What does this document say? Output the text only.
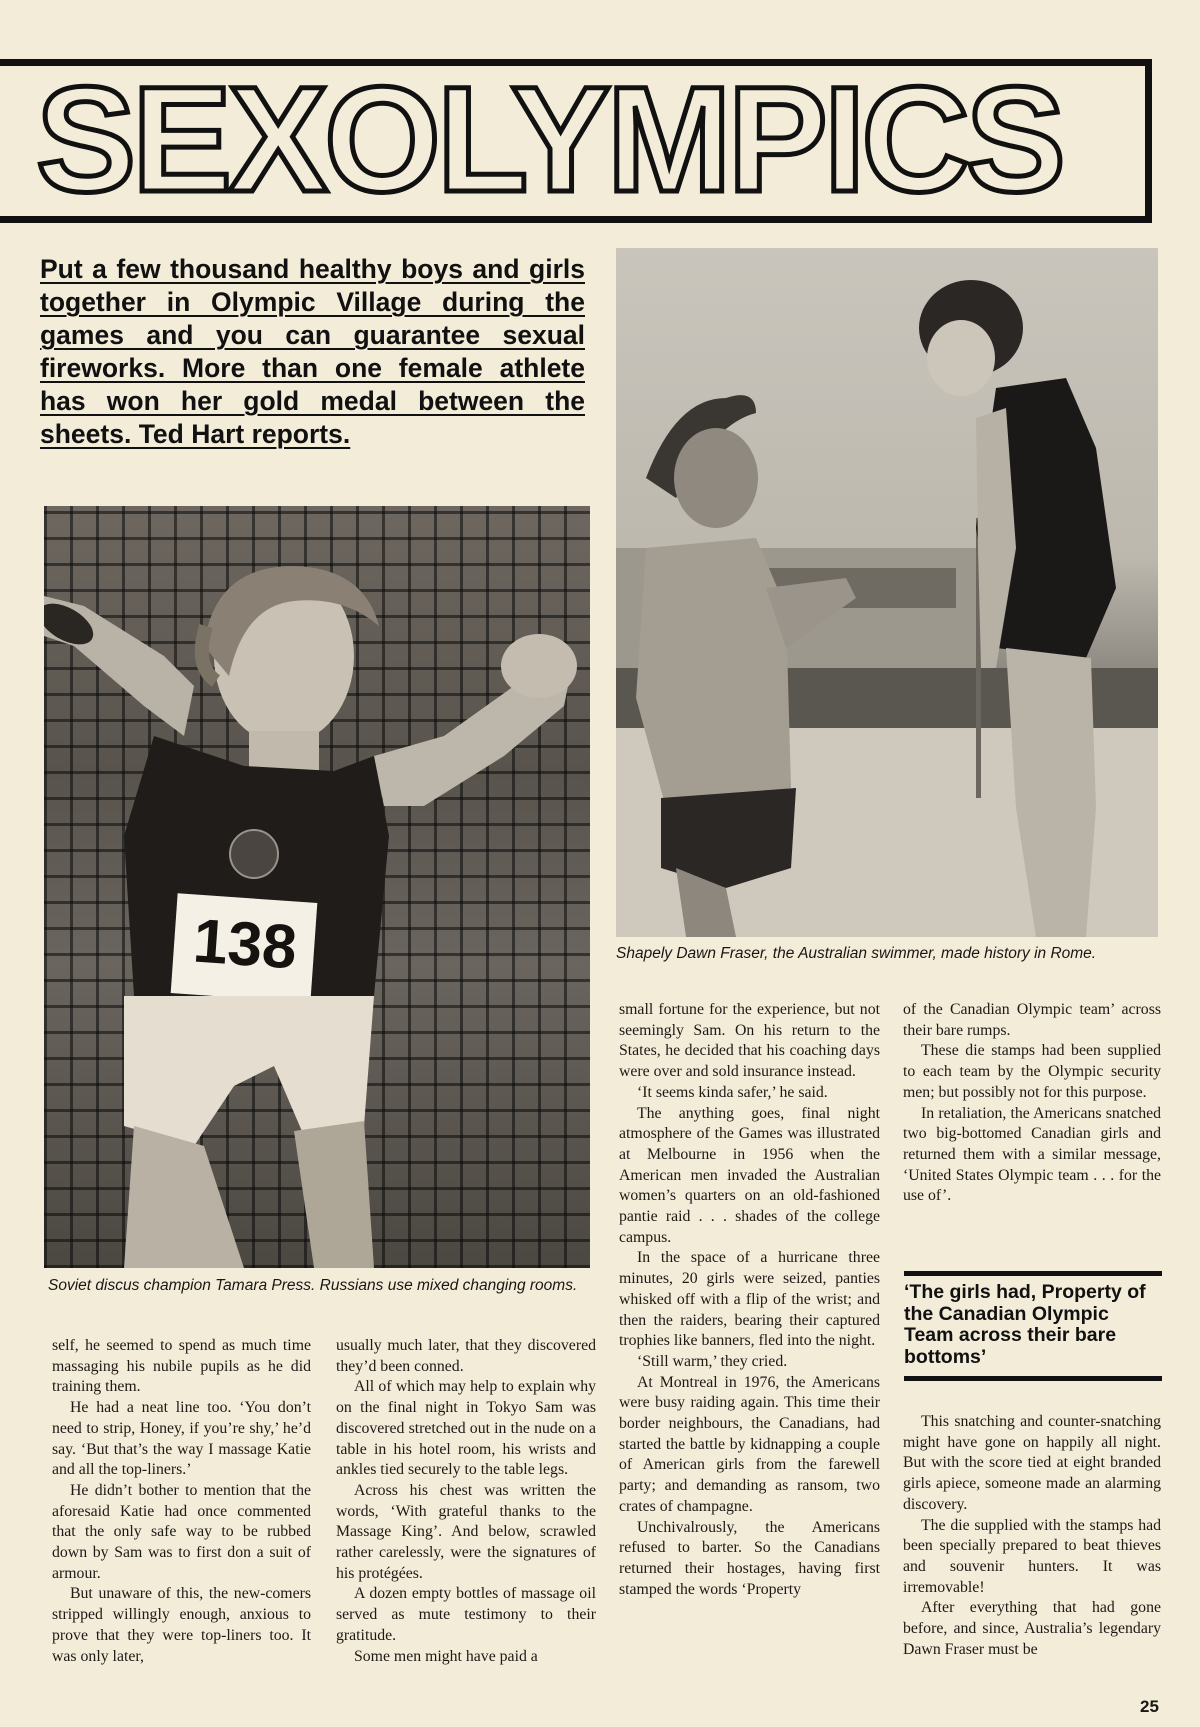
SEXOLYMPICS
Put a few thousand healthy boys and girls together in Olympic Village during the games and you can guarantee sexual fireworks. More than one female athlete has won her gold medal between the sheets. Ted Hart reports.
138
Soviet discus champion Tamara Press. Russians use mixed changing rooms.
Shapely Dawn Fraser, the Australian swimmer, made history in Rome.

self, he seemed to spend as much time massaging his nubile pupils as he did training them.

He had a neat line too. ‘You don’t need to strip, Honey, if you’re shy,’ he’d say. ‘But that’s the way I massage Katie and all the top-liners.’

He didn’t bother to mention that the aforesaid Katie had once commented that the only safe way to be rubbed down by Sam was to first don a suit of armour.

But unaware of this, the new-comers stripped willingly enough, anxious to prove that they were top-liners too. It was only later,

usually much later, that they discovered they’d been conned.

All of which may help to explain why on the final night in Tokyo Sam was discovered stretched out in the nude on a table in his hotel room, his wrists and ankles tied securely to the table legs.

Across his chest was written the words, ‘With grateful thanks to the Massage King’. And below, scrawled rather carelessly, were the signatures of his protégées.

A dozen empty bottles of massage oil served as mute testimony to their gratitude.

Some men might have paid a

small fortune for the experience, but not seemingly Sam. On his return to the States, he decided that his coaching days were over and sold insurance instead.

‘It seems kinda safer,’ he said.

The anything goes, final night atmosphere of the Games was illustrated at Melbourne in 1956 when the American men invaded the Australian women’s quarters on an old-fashioned pantie raid . . . shades of the college campus.

In the space of a hurricane three minutes, 20 girls were seized, panties whisked off with a flip of the wrist; and then the raiders, bearing their captured trophies like banners, fled into the night.

‘Still warm,’ they cried.

At Montreal in 1976, the Americans were busy raiding again. This time their border neighbours, the Canadians, had started the battle by kidnapping a couple of American girls from the farewell party; and demanding as ransom, two crates of champagne.

Unchivalrously, the Americans refused to barter. So the Canadians returned their hostages, having first stamped the words ‘Property

of the Canadian Olympic team’ across their bare rumps.

These die stamps had been supplied to each team by the Olympic security men; but possibly not for this purpose.

In retaliation, the Americans snatched two big-bottomed Canadian girls and returned them with a similar message, ‘United States Olympic team . . . for the use of’.

‘The girls had, Property of the Canadian Olympic Team across their bare bottoms’

This snatching and counter-snatching might have gone on happily all night. But with the score tied at eight branded girls apiece, someone made an alarming discovery.

The die supplied with the stamps had been specially prepared to beat thieves and souvenir hunters. It was irremovable!

After everything that had gone before, and since, Australia’s legendary Dawn Fraser must be

25
